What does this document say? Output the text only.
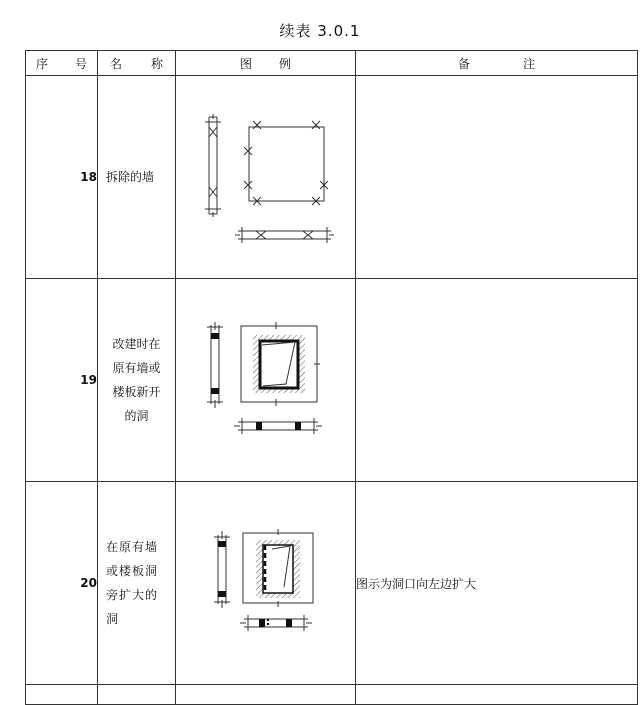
续表 3.0.1
序 号	名 称	图 例	备 注

18	拆除的墙	

19	改建时在
原有墙或
楼板新开
的洞

20	在原有墙
或楼板洞
旁扩大的
洞		图示为洞口向左边扩大
